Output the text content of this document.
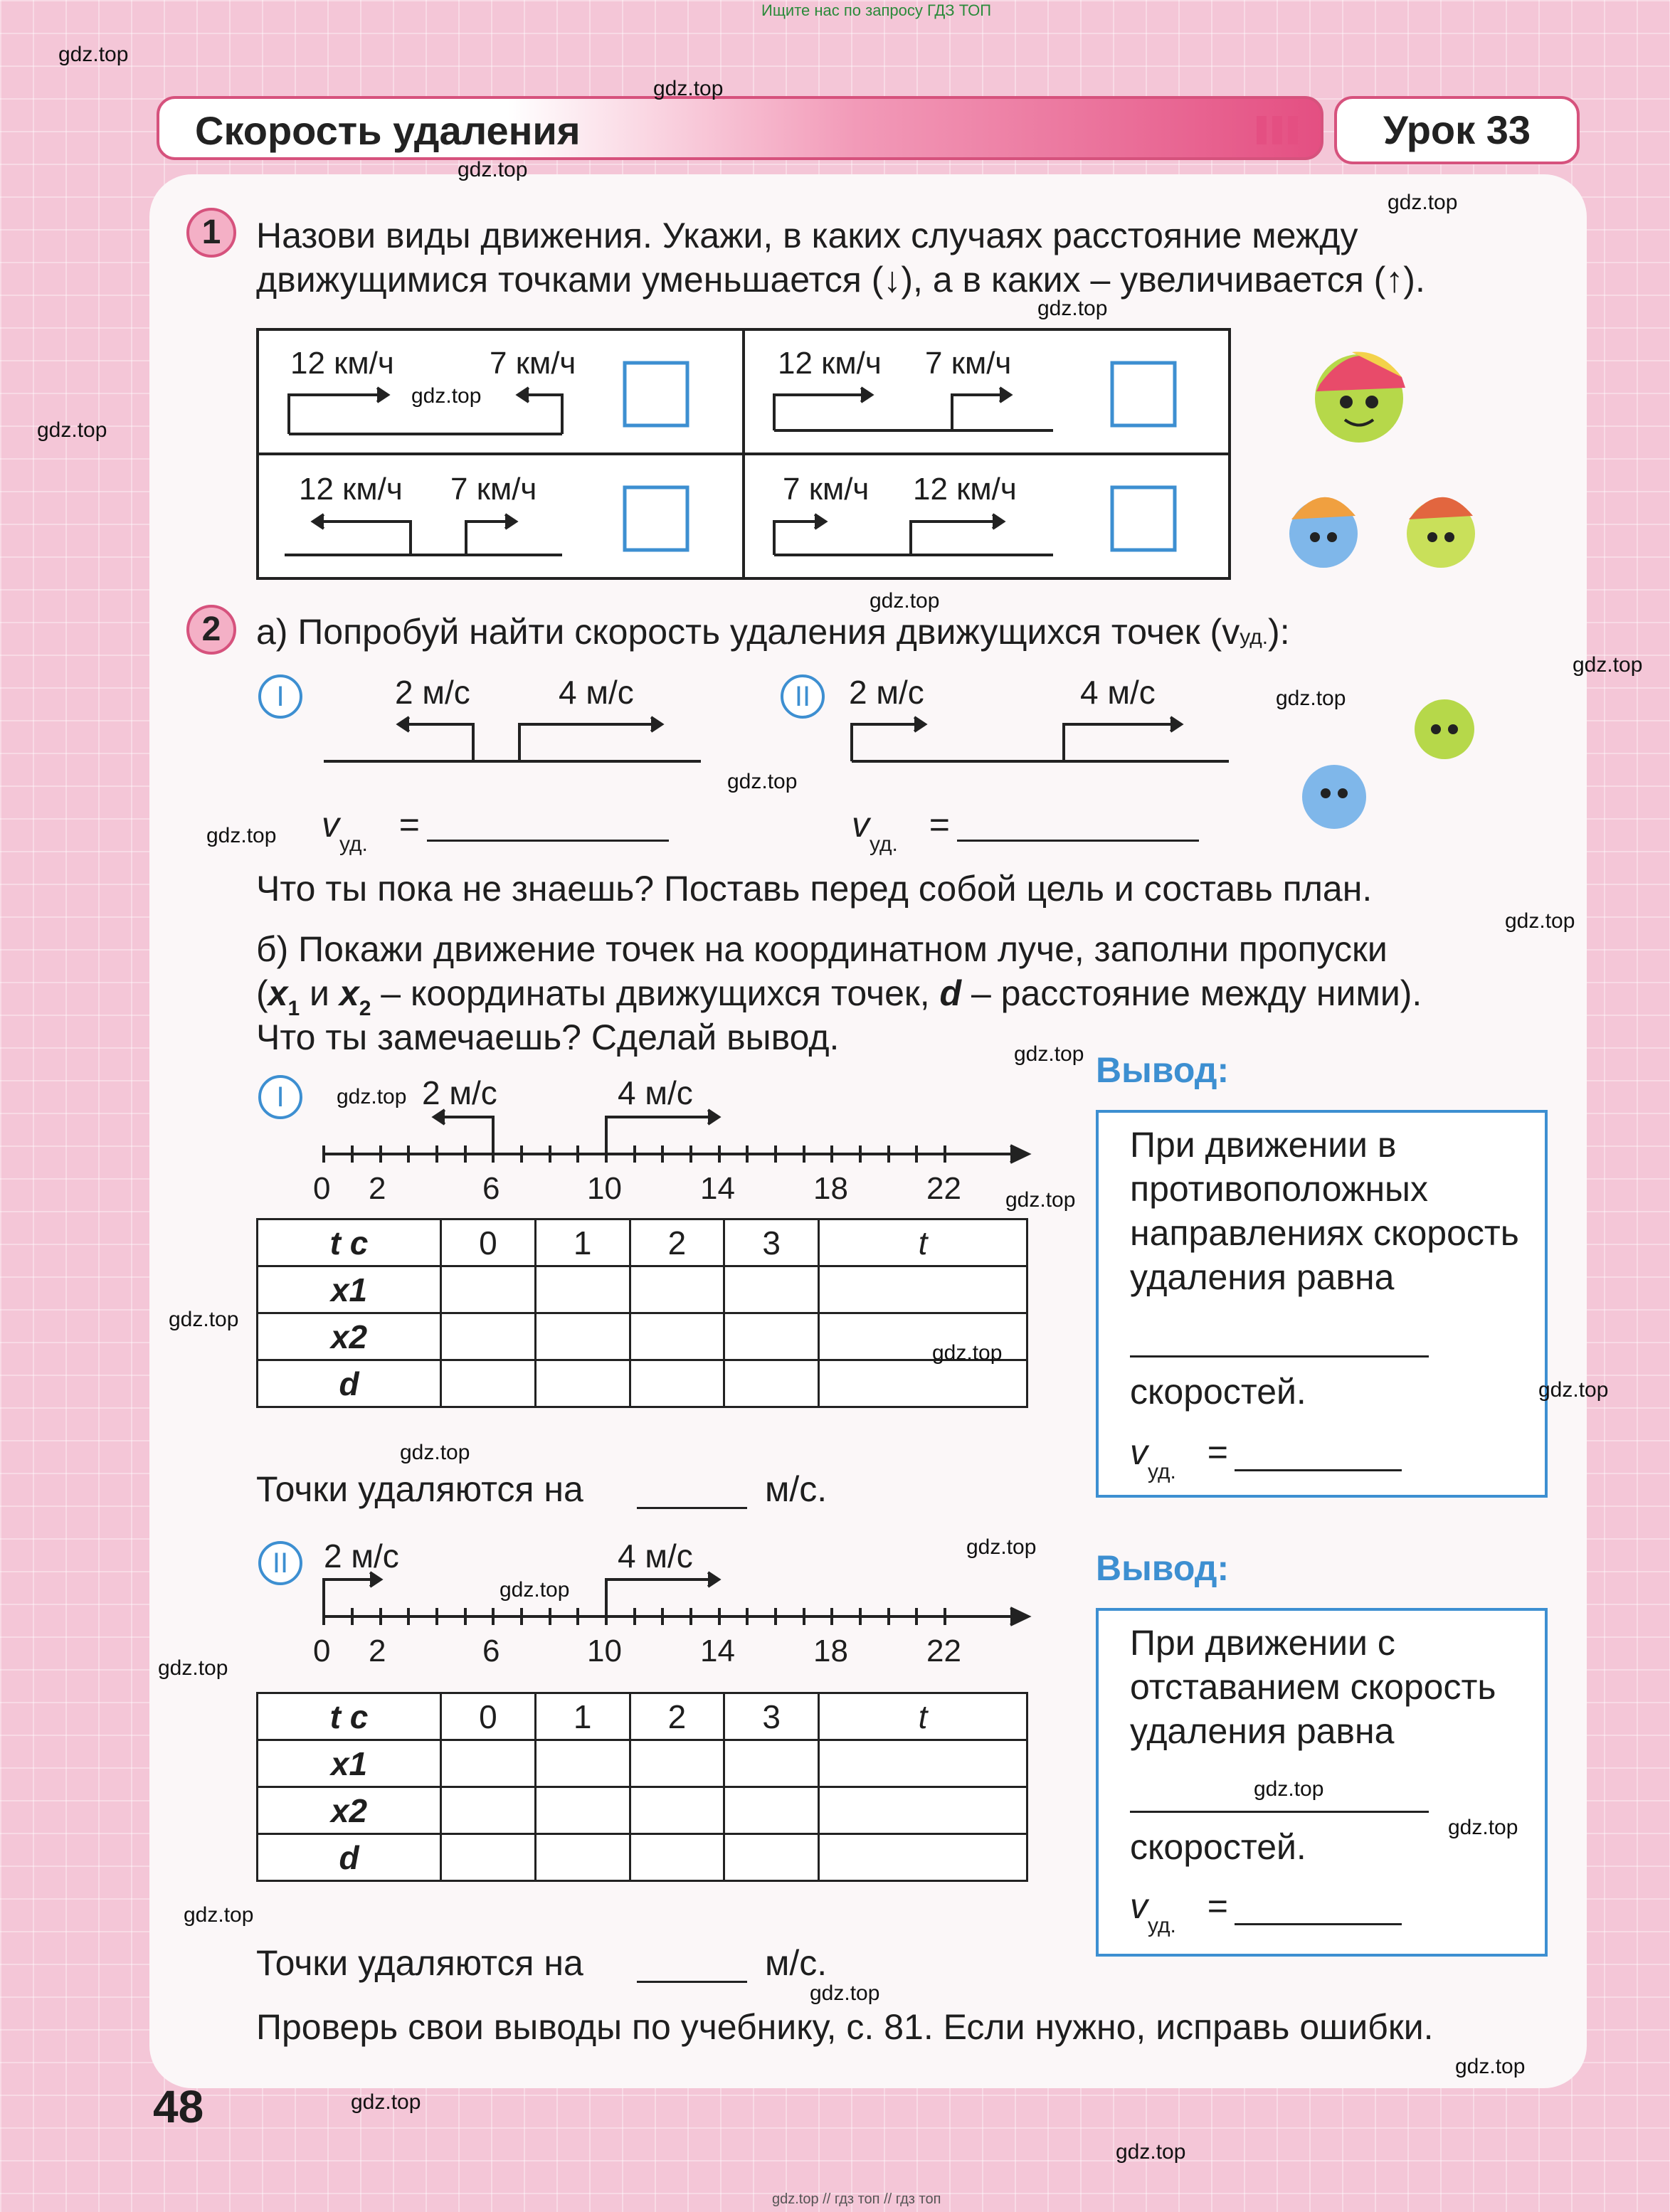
Ищите нас по запросу ГДЗ ТОП
Скорость удаления	Урок 33
1 Назови виды движения. Укажи, в каких случаях расстояние между
движущимися точками уменьшается (↓), а в каких – увеличивается (↑).
12 км/ч	7 км/ч	12 км/ч 7 км/ч
12 км/ч 7 км/ч	7 км/ч 12 км/ч
2 а) Попробуй найти скорость удаления движущихся точек (vуд.):
I	2 м/с	4 м/с	II	2 м/с	4 м/с
$v_{уд.}$ =	$v_{уд.}$ =
Что ты пока не знаешь? Поставь перед собой цель и составь план.
б) Покажи движение точек на координатном луче, заполни пропуски
($x_1$ и $x_2$ – координаты движущихся точек, d – расстояние между ними).
Что ты замечаешь? Сделай вывод.
I	2 м/с	4 м/с
0 2	6	10	14	18	22
t с	0	1	2	3	t
x1					
x2					
d					
Точки удаляются на	м/с.
II	2 м/с	4 м/с
0 2	6	10	14	18	22
t с	0	1	2	3	t
x1					
x2					
d					
Точки удаляются на	м/с.
Вывод:
При движении в
противоположных
направлениях скорость
удаления равна
скоростей.
$v_{уд.}$ =
Вывод:
При движении с
отставанием скорость
удаления равна
скоростей.
$v_{уд.}$ =
Проверь свои выводы по учебнику, с. 81. Если нужно, исправь ошибки.
48
gdz.top
gdz.top
gdz.top
gdz.top
gdz.top
gdz.top
gdz.top
gdz.top
gdz.top
gdz.top
gdz.top
gdz.top
gdz.top
gdz.top
gdz.top
gdz.top
gdz.top
gdz.top
gdz.top
gdz.top
gdz.top
gdz.top
gdz.top
gdz.top
gdz.top
gdz.top
gdz.top
gdz.top
gdz.top
gdz.top
gdz.top // гдз топ // гдз топ
